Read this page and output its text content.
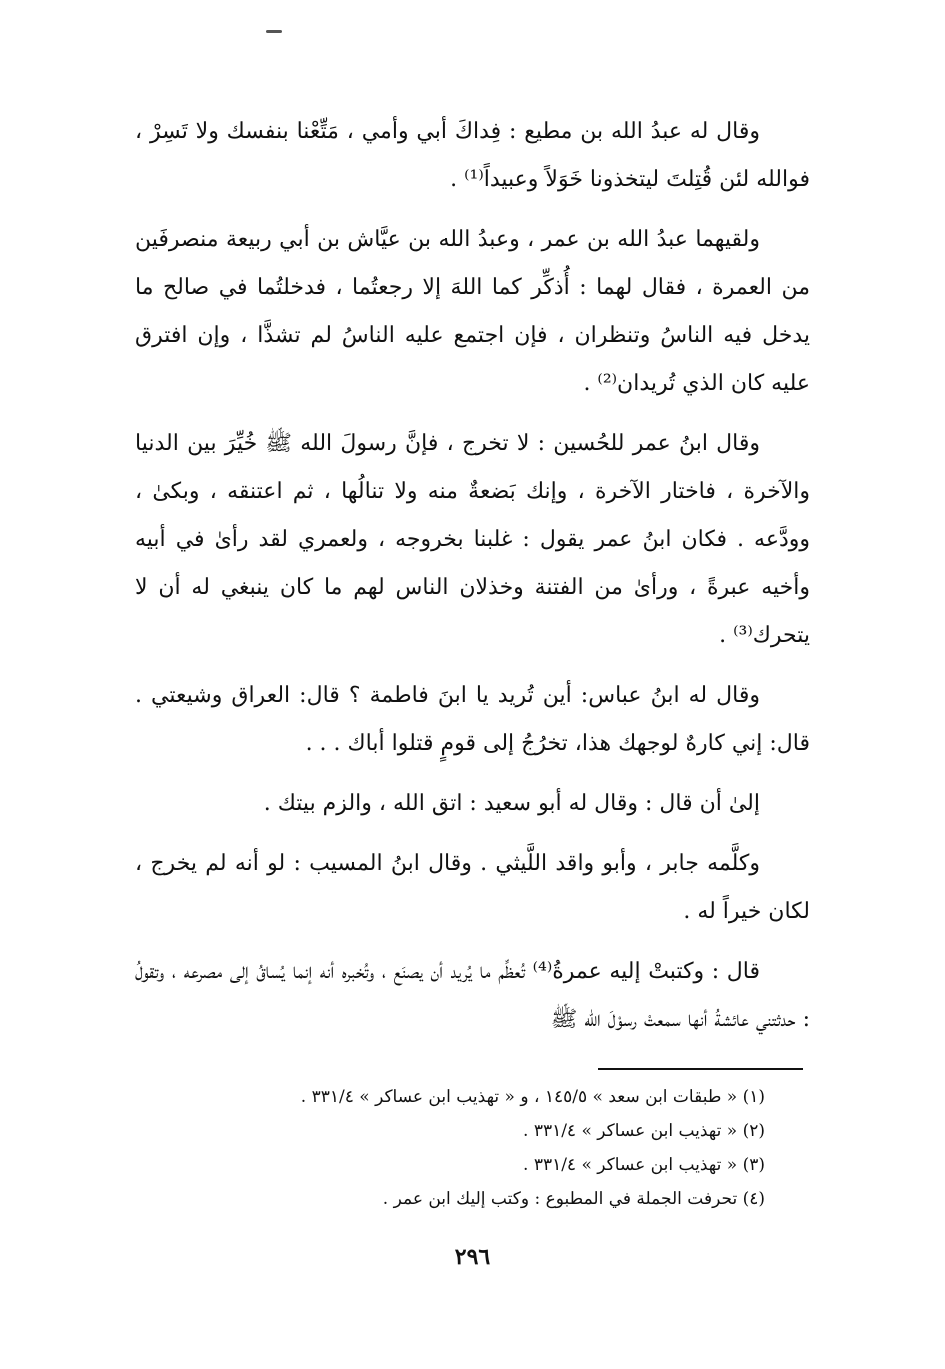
وقال له عبدُ الله بن مطيع : فِداكَ أبي وأمي ، مَتِّعْنا بنفسك ولا تَسِرْ ، فوالله لئن قُتِلتَ ليتخذونا خَوَلاً وعبيداً⁽¹⁾ .

ولقيهما عبدُ الله بن عمر ، وعبدُ الله بن عيَّاش بن أبي ربيعة منصرفَين من العمرة ، فقال لهما : أُذكِّر كما اللهَ إلا رجعتُما ، فدخلتُما في صالح ما يدخل فيه الناسُ وتنظران ، فإن اجتمع عليه الناسُ لم تشذَّا ، وإن افترق عليه كان الذي تُريدان⁽²⁾ .

وقال ابنُ عمر للحُسين : لا تخرج ، فإنَّ رسولَ الله ﷺ خُيِّرَ بين الدنيا والآخرة ، فاختار الآخرة ، وإنك بَضعةٌ منه ولا تنالُها ، ثم اعتنقه ، وبكىٰ ، وودَّعه . فكان ابنُ عمر يقول : غلبنا بخروجه ، ولعمري لقد رأىٰ في أبيه وأخيه عبرةً ، ورأىٰ من الفتنة وخذلان الناس لهم ما كان ينبغي له أن لا يتحرك⁽³⁾ .

وقال له ابنُ عباس: أين تُريد يا ابنَ فاطمة ؟ قال: العراق وشيعتي . قال: إني كارهٌ لوجهك هذا، تخرُجُ إلى قومٍ قتلوا أباك . . .

إلىٰ أن قال : وقال له أبو سعيد : اتق الله ، والزم بيتك .

وكلَّمه جابر ، وأبو واقد اللَّيثي . وقال ابنُ المسيب : لو أنه لم يخرج ، لكان خيراً له .

قال : وكتبتْ إليه عمرةُ⁽⁴⁾ تُعظِّم ما يُريد أن يصنَع ، وتُخبره أنه إنما يُساقُ إلى مصرعه ، وتقولُ : حدثتني عائشةُ أنها سمعتْ رسوْلَ الله ﷺ

(١) « طبقات ابن سعد » ١٤٥/٥ ، و « تهذيب ابن عساكر » ٣٣١/٤ .
(٢) « تهذيب ابن عساكر » ٣٣١/٤ .
(٣) « تهذيب ابن عساكر » ٣٣١/٤ .
(٤) تحرفت الجملة في المطبوع : وكتب إليك ابن عمر .
٢٩٦
